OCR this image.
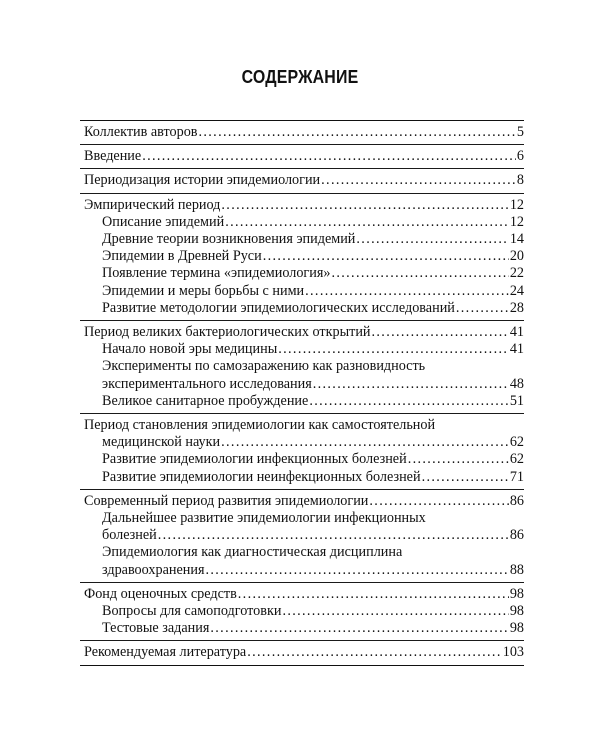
СОДЕРЖАНИЕ
Коллектив авторов . . .	5
Введение . . .	6
Периодизация истории эпидемиологии . . .	8
Эмпирический период . . .	12
Описание эпидемий . . .	12
Древние теории возникновения эпидемий . . .	14
Эпидемии в Древней Руси . . .	20
Появление термина «эпидемиология» . . .	22
Эпидемии и меры борьбы с ними . . .	24
Развитие методологии эпидемиологических исследований . . .	28
Период великих бактериологических открытий . . .	41
Начало новой эры медицины . . .	41
Эксперименты по самозаражению как разновидность
экспериментального исследования . . .	48
Великое санитарное пробуждение . . .	51
Период становления эпидемиологии как самостоятельной
медицинской науки . . .	62
Развитие эпидемиологии инфекционных болезней . . .	62
Развитие эпидемиологии неинфекционных болезней . . .	71
Современный период развития эпидемиологии . . .	86
Дальнейшее развитие эпидемиологии инфекционных
болезней . . .	86
Эпидемиология как диагностическая дисциплина
здравоохранения . . .	88
Фонд оценочных средств . . .	98
Вопросы для самоподготовки . . .	98
Тестовые задания . . .	98
Рекомендуемая литература . . .	103
